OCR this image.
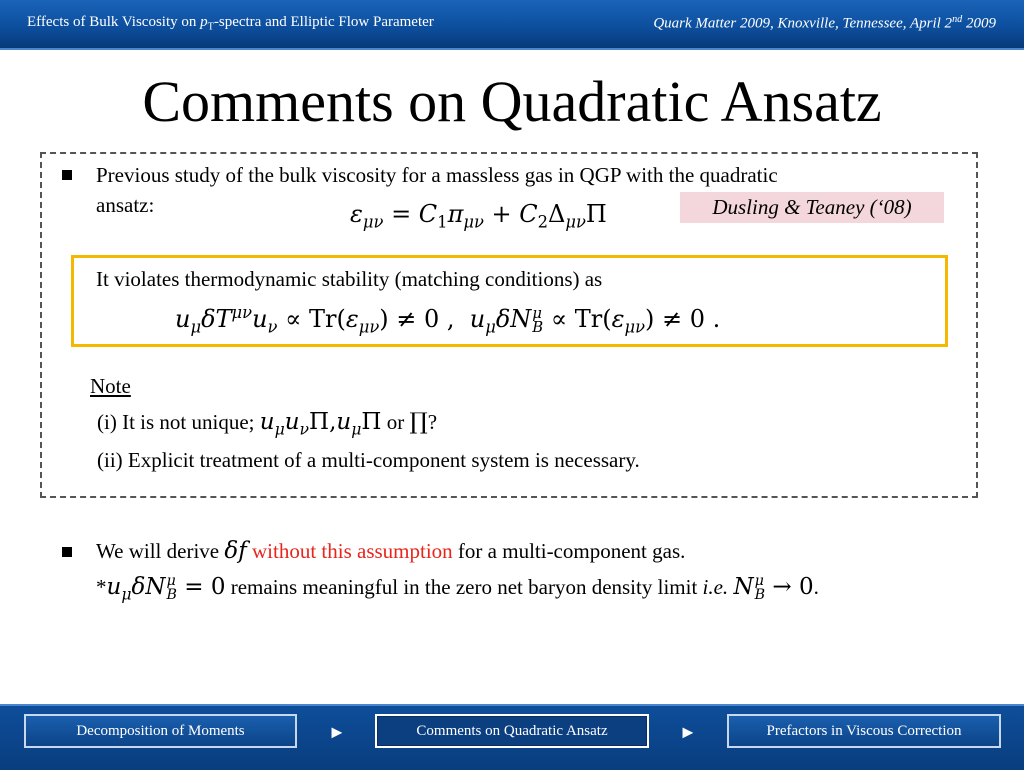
Effects of Bulk Viscosity on $p_T$-spectra and Elliptic Flow Parameter	Quark Matter 2009, Knoxville, Tennessee, April 2nd 2009
Comments on Quadratic Ansatz
Previous study of the bulk viscosity for a massless gas in QGP with the quadratic
ansatz:	$\varepsilon_{\mu\nu} = C_1\pi_{\mu\nu} + C_2\Delta_{\mu\nu}\Pi$	Dusling & Teaney (‘08)
It violates thermodynamic stability (matching conditions) as
$u_\mu\delta T^{\mu\nu}u_\nu \propto Tr(\varepsilon_{\mu\nu}) \ne 0$ ,  $u_\mu\delta N$ μ
$B \propto Tr(\varepsilon_{\mu\nu}) \ne 0$ .
Note
(i) It is not unique; $u_\mu u_\nu\Pi,u_\mu\Pi$ or ∏?
(ii) Explicit treatment of a multi-component system is necessary.
We will derive δf without this assumption for a multi-component gas.
$*u_\mu\delta N$ μ
B = 0 remains meaningful in the zero net baryon density limit i.e. N μ
B → 0.
Decomposition of Moments	►	Comments on Quadratic Ansatz	►	Prefactors in Viscous Correction
